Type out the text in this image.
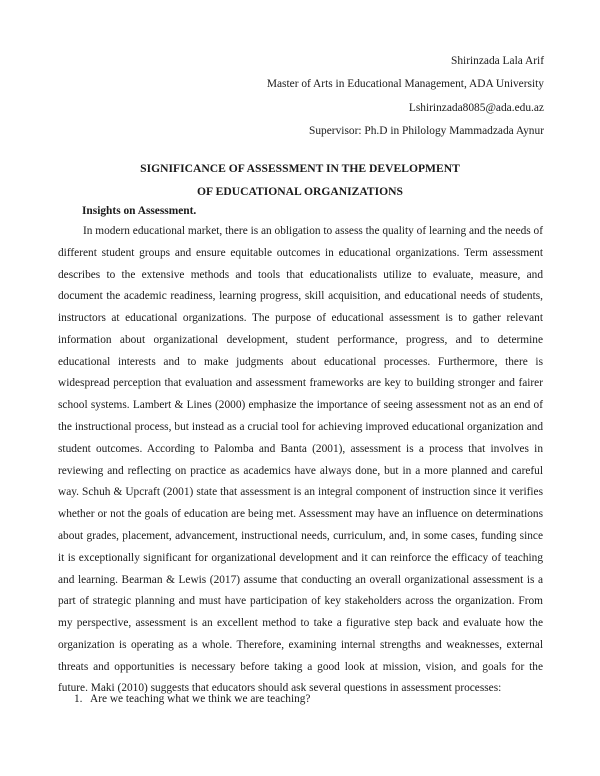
Shirinzada Lala Arif
Master of Arts in Educational Management, ADA University
Lshirinzada8085@ada.edu.az
Supervisor: Ph.D in Philology Mammadzada Aynur
SIGNIFICANCE OF ASSESSMENT IN THE DEVELOPMENT
OF EDUCATIONAL ORGANIZATIONS
Insights on Assessment.

In modern educational market, there is an obligation to assess the quality of learning and the needs of different student groups and ensure equitable outcomes in educational organizations. Term assessment describes to the extensive methods and tools that educationalists utilize to evaluate, measure, and document the academic readiness, learning progress, skill acquisition, and educational needs of students, instructors at educational organizations. The purpose of educational assessment is to gather relevant information about organizational development, student performance, progress, and to determine educational interests and to make judgments about educational processes. Furthermore, there is widespread perception that evaluation and assessment frameworks are key to building stronger and fairer school systems. Lambert & Lines (2000) emphasize the importance of seeing assessment not as an end of the instructional process, but instead as a crucial tool for achieving improved educational organization and student outcomes. According to Palomba and Banta (2001), assessment is a process that involves in reviewing and reflecting on practice as academics have always done, but in a more planned and careful way. Schuh & Upcraft (2001) state that assessment is an integral component of instruction since it verifies whether or not the goals of education are being met. Assessment may have an influence on determinations about grades, placement, advancement, instructional needs, curriculum, and, in some cases, funding since it is exceptionally significant for organizational development and it can reinforce the efficacy of teaching and learning. Bearman & Lewis (2017) assume that conducting an overall organizational assessment is a part of strategic planning and must have participation of key stakeholders across the organization. From my perspective, assessment is an excellent method to take a figurative step back and evaluate how the organization is operating as a whole. Therefore, examining internal strengths and weaknesses, external threats and opportunities is necessary before taking a good look at mission, vision, and goals for the future. Maki (2010) suggests that educators should ask several questions in assessment processes:

1. Are we teaching what we think we are teaching?
